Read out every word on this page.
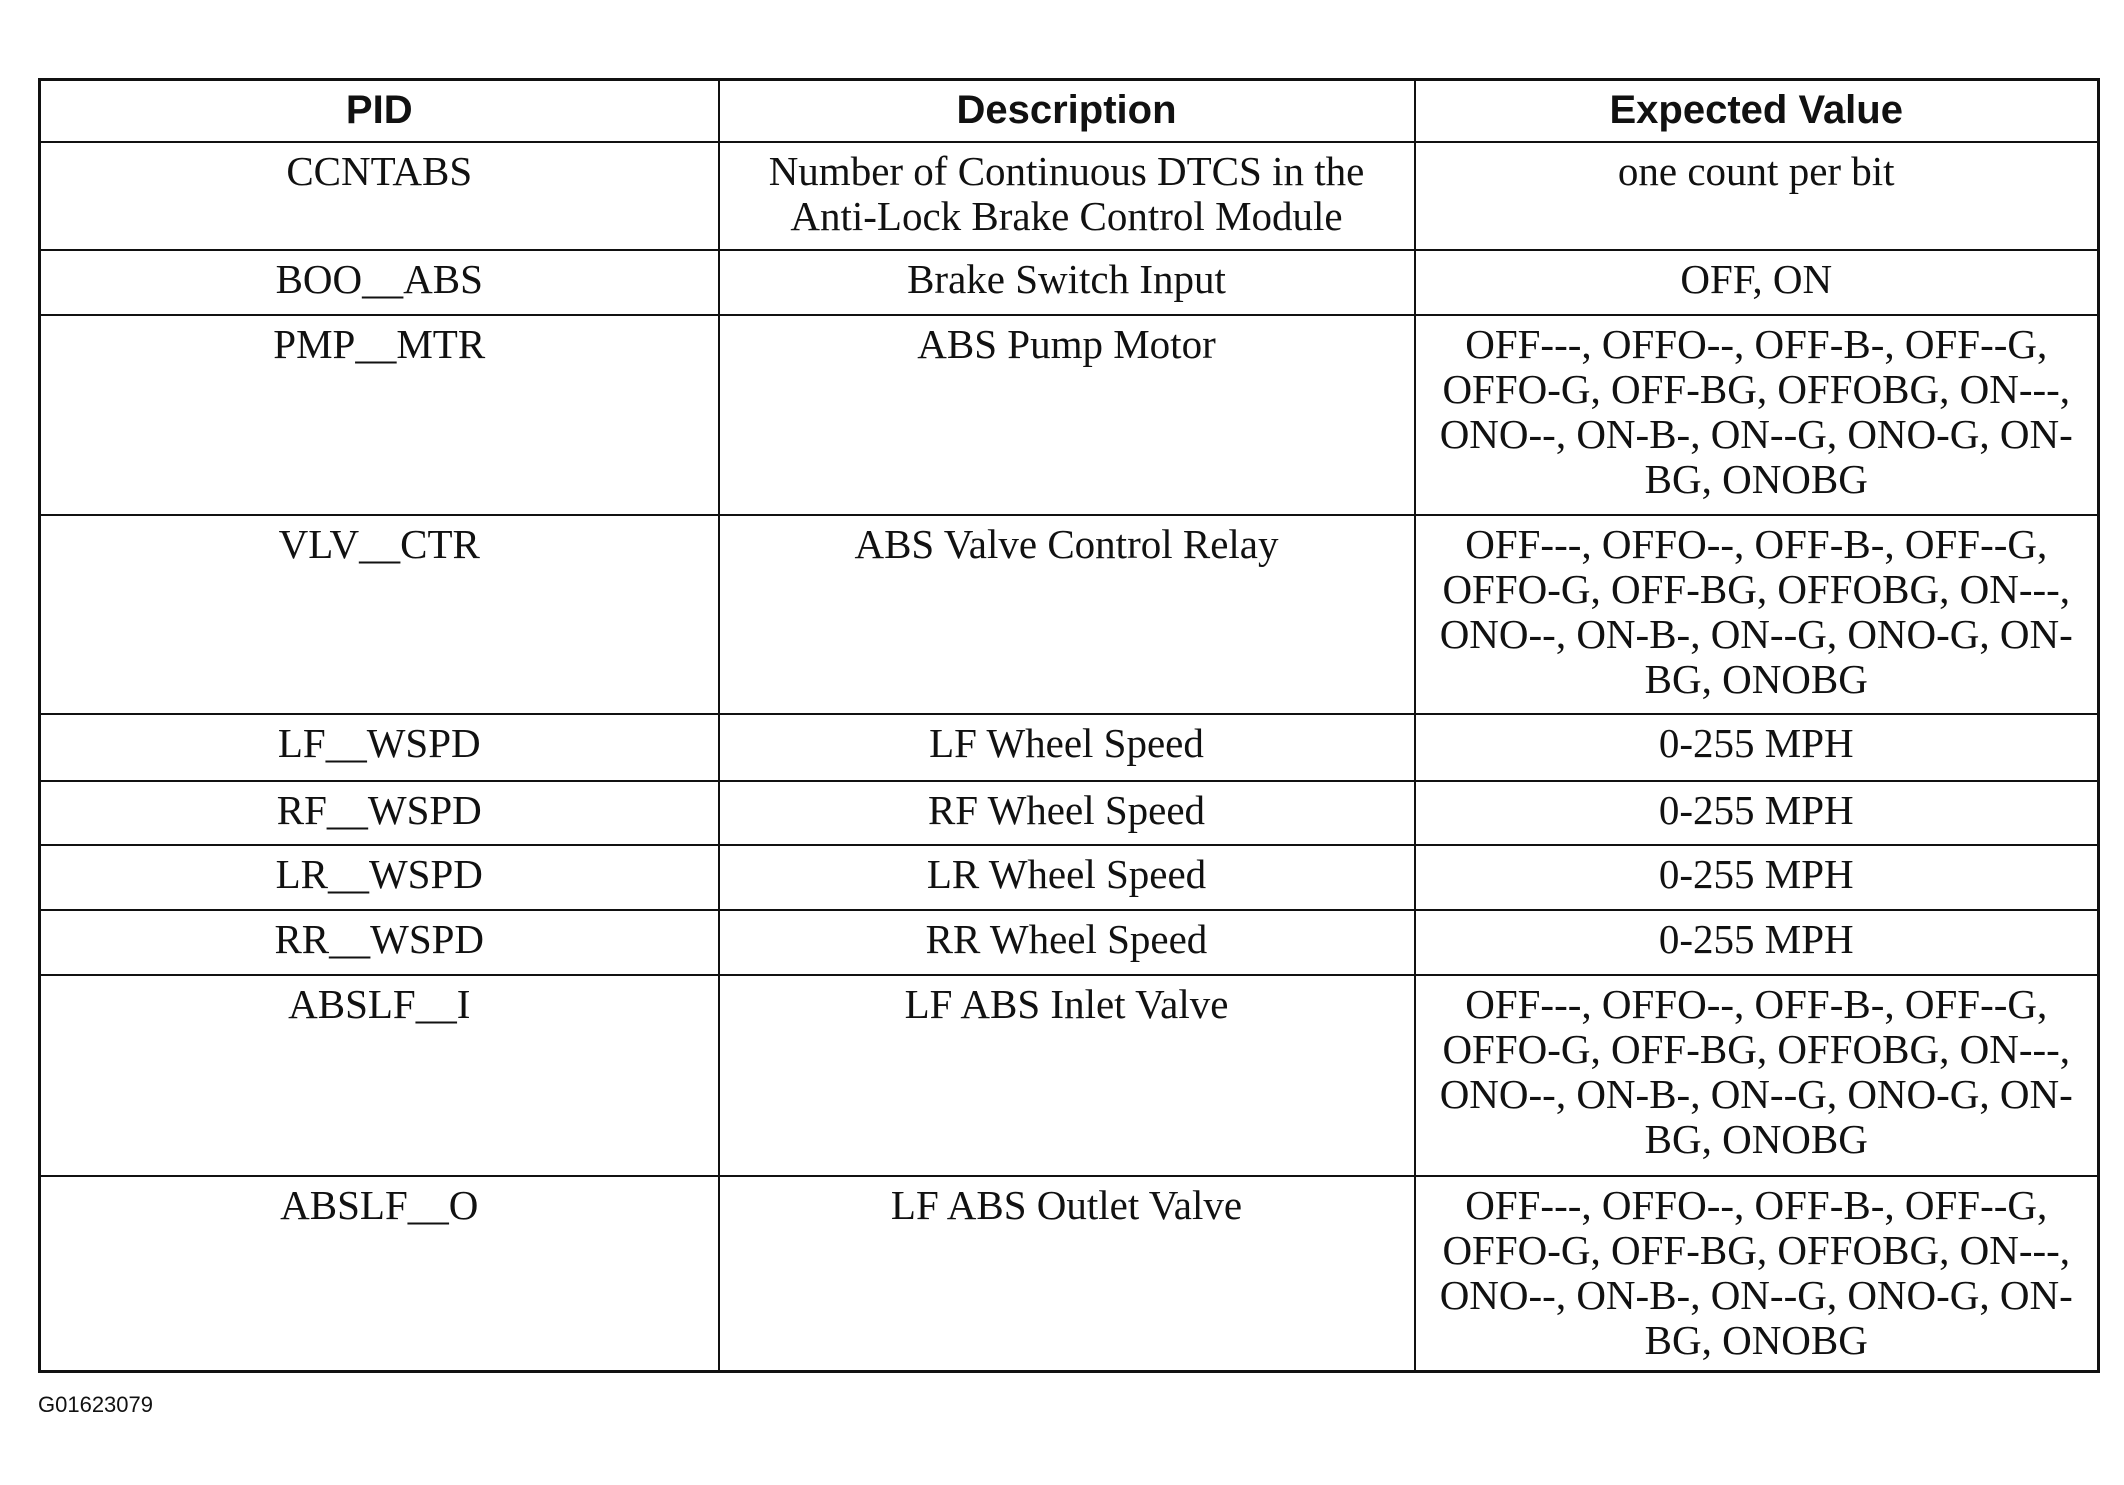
PID	Description	Expected Value
CCNTABS	Number of Continuous DTCS in the Anti-Lock Brake Control Module	one count per bit
BOO__ABS	Brake Switch Input	OFF, ON
PMP__MTR	ABS Pump Motor	OFF---, OFFO--, OFF-B-, OFF--G, OFFO-G, OFF-BG, OFFOBG, ON---, ONO--, ON-B-, ON--G, ONO-G, ON-BG, ONOBG
VLV__CTR	ABS Valve Control Relay	OFF---, OFFO--, OFF-B-, OFF--G, OFFO-G, OFF-BG, OFFOBG, ON---, ONO--, ON-B-, ON--G, ONO-G, ON-BG, ONOBG
LF__WSPD	LF Wheel Speed	0-255 MPH
RF__WSPD	RF Wheel Speed	0-255 MPH
LR__WSPD	LR Wheel Speed	0-255 MPH
RR__WSPD	RR Wheel Speed	0-255 MPH
ABSLF__I	LF ABS Inlet Valve	OFF---, OFFO--, OFF-B-, OFF--G, OFFO-G, OFF-BG, OFFOBG, ON---, ONO--, ON-B-, ON--G, ONO-G, ON-BG, ONOBG
ABSLF__O	LF ABS Outlet Valve	OFF---, OFFO--, OFF-B-, OFF--G, OFFO-G, OFF-BG, OFFOBG, ON---, ONO--, ON-B-, ON--G, ONO-G, ON-BG, ONOBG
G01623079
